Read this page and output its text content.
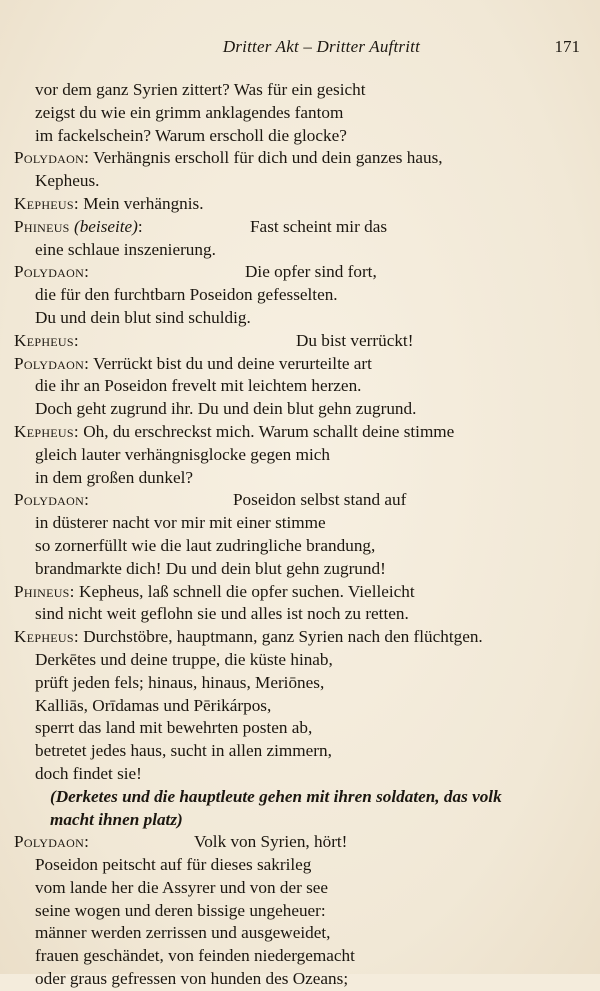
Dritter Akt – Dritter Auftritt	171
vor dem ganz Syrien zittert? Was für ein gesicht
zeigst du wie ein grimm anklagendes fantom
im fackelschein? Warum erscholl die glocke?
Polydaon: Verhängnis erscholl für dich und dein ganzes haus,
Kepheus.
Kepheus: Mein verhängnis.
Phineus (beiseite):	Fast scheint mir das
eine schlaue inszenierung.
Polydaon:	Die opfer sind fort,
die für den furchtbarn Poseidon gefesselten.
Du und dein blut sind schuldig.
Kepheus:	Du bist verrückt!
Polydaon: Verrückt bist du und deine verurteilte art
die ihr an Poseidon frevelt mit leichtem herzen.
Doch geht zugrund ihr. Du und dein blut gehn zugrund.
Kepheus: Oh, du erschreckst mich. Warum schallt deine stimme
gleich lauter verhängnisglocke gegen mich
in dem großen dunkel?
Polydaon:	Poseidon selbst stand auf
in düsterer nacht vor mir mit einer stimme
so zornerfüllt wie die laut zudringliche brandung,
brandmarkte dich! Du und dein blut gehn zugrund!
Phineus: Kepheus, laß schnell die opfer suchen. Vielleicht
sind nicht weit geflohn sie und alles ist noch zu retten.
Kepheus: Durchstöbre, hauptmann, ganz Syrien nach den flüchtgen.
Derkētes und deine truppe, die küste hinab,
prüft jeden fels; hinaus, hinaus, Meriōnes,
Kalliās, Orīdamas und Pērikárpos,
sperrt das land mit bewehrten posten ab,
betretet jedes haus, sucht in allen zimmern,
doch findet sie!
(Derketes und die hauptleute gehen mit ihren soldaten, das volk
macht ihnen platz)
Polydaon:	Volk von Syrien, hört!
Poseidon peitscht auf für dieses sakrileg
vom lande her die Assyrer und von der see
seine wogen und deren bissige ungeheuer:
männer werden zerrissen und ausgeweidet,
frauen geschändet, von feinden niedergemacht
oder graus gefressen von hunden des Ozeans;
